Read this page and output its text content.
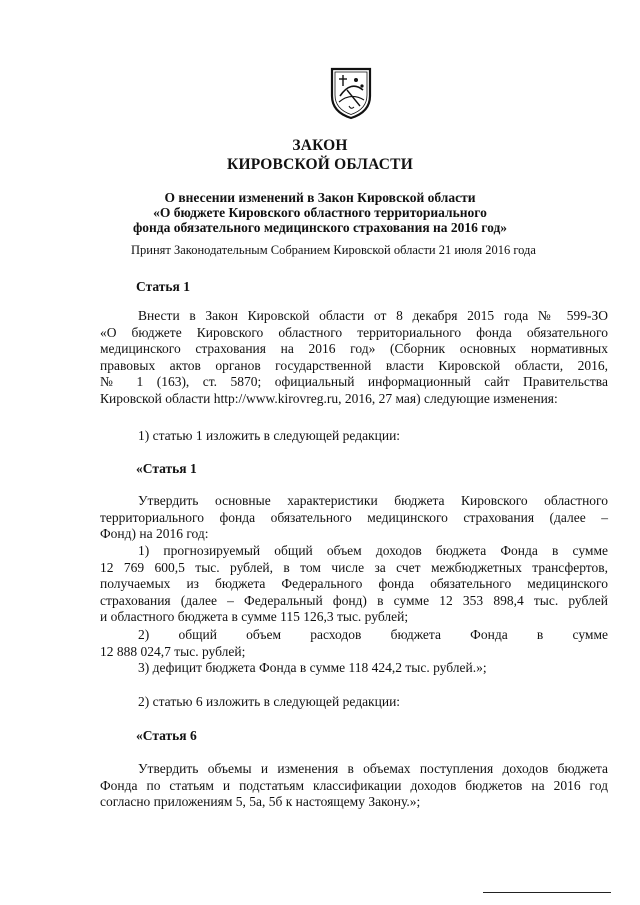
ЗАКОН
КИРОВСКОЙ ОБЛАСТИ
О внесении изменений в Закон Кировской области
«О бюджете Кировского областного территориального
фонда обязательного медицинского страхования на 2016 год»
Принят Законодательным Собранием Кировской области 21 июля 2016 года
Статья 1
Внести в Закон Кировской области от 8 декабря 2015 года № 599-ЗО
«О бюджете Кировского областного территориального фонда обязательного
медицинского страхования на 2016 год» (Сборник основных нормативных
правовых актов органов государственной власти Кировской области, 2016,
№ 1 (163), ст. 5870; официальный информационный сайт Правительства
Кировской области http://www.kirovreg.ru, 2016, 27 мая) следующие изменения:
1) статью 1 изложить в следующей редакции:
«Статья 1
Утвердить основные характеристики бюджета Кировского областного
территориального фонда обязательного медицинского страхования (далее –
Фонд) на 2016 год:
1) прогнозируемый общий объем доходов бюджета Фонда в сумме
12 769 600,5 тыс. рублей, в том числе за счет межбюджетных трансфертов,
получаемых из бюджета Федерального фонда обязательного медицинского
страхования (далее – Федеральный фонд) в сумме 12 353 898,4 тыс. рублей
и областного бюджета в сумме 115 126,3 тыс. рублей;
2) общий объем расходов бюджета Фонда в сумме
12 888 024,7 тыс. рублей;
3) дефицит бюджета Фонда в сумме 118 424,2 тыс. рублей.»;
2) статью 6 изложить в следующей редакции:
«Статья 6
Утвердить объемы и изменения в объемах поступления доходов бюджета
Фонда по статьям и подстатьям классификации доходов бюджетов на 2016 год
согласно приложениям 5, 5а, 5б к настоящему Закону.»;
